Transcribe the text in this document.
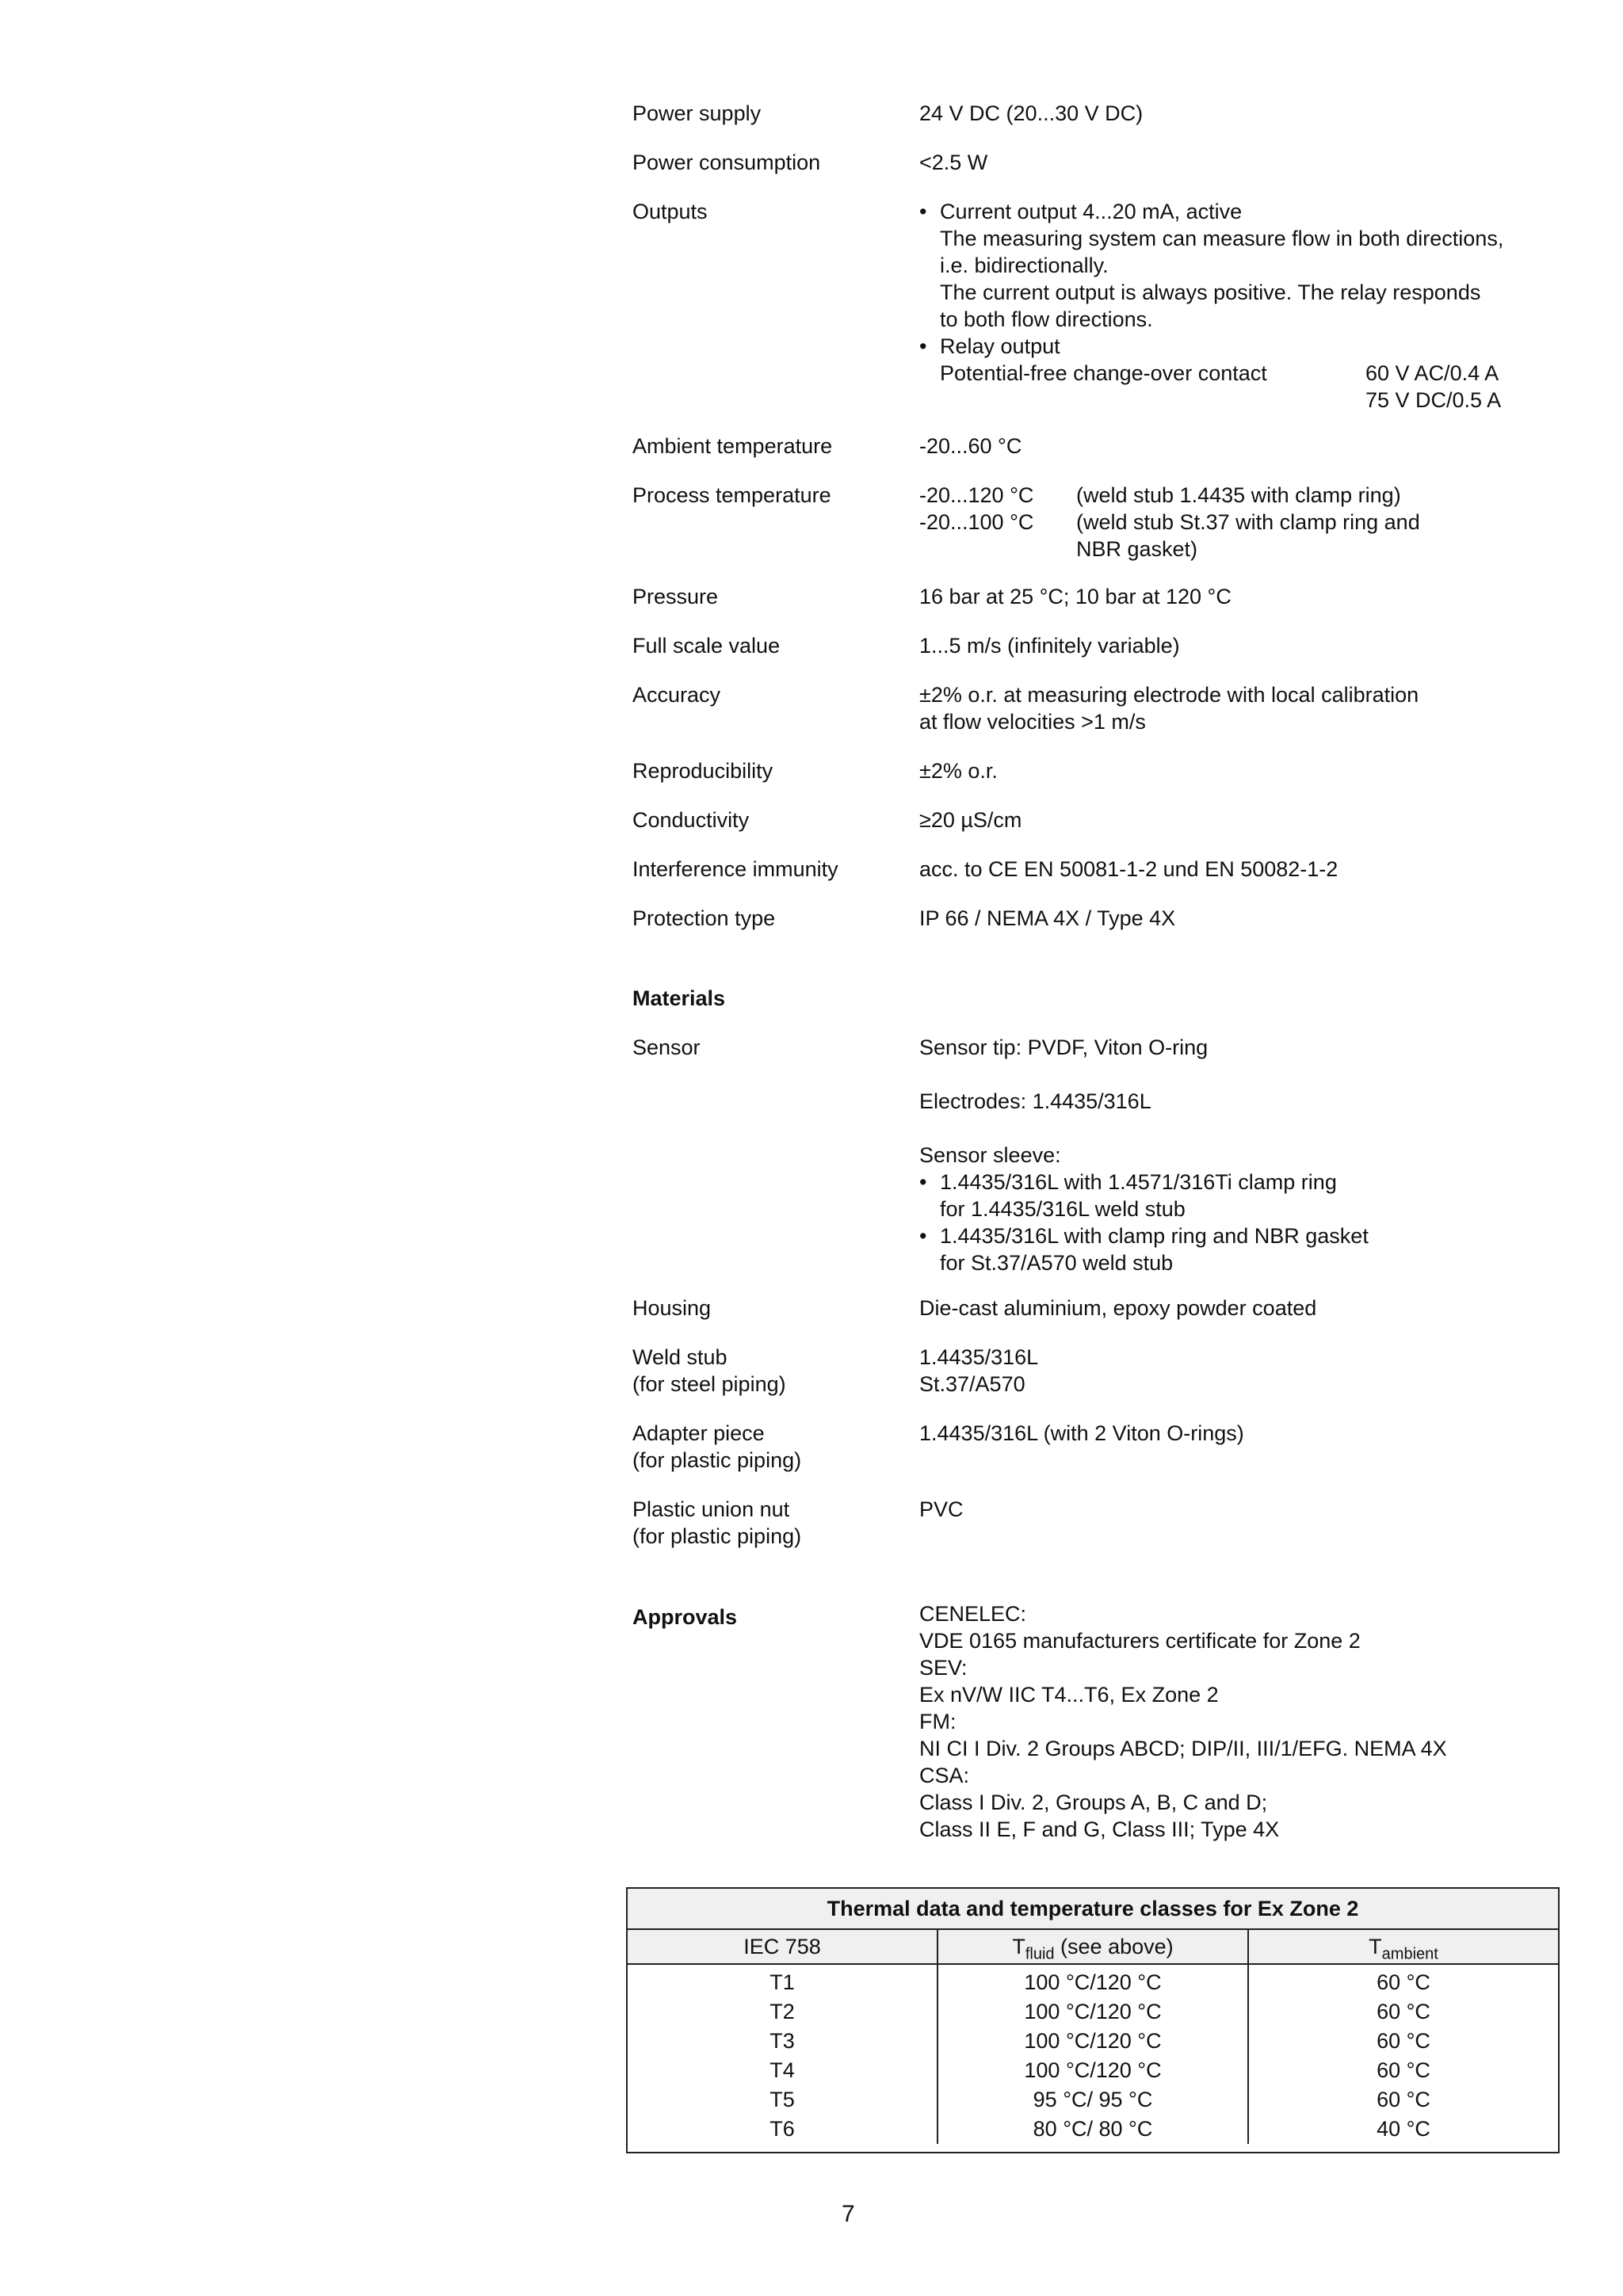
Power supply	24 V DC (20...30 V DC)
Power consumption	<2.5 W
Outputs
•	Current output 4...20 mA, active
The measuring system can measure flow in both directions,
i.e. bidirectionally.
The current output is always positive. The relay responds
to both flow directions.
• Relay output
Potential-free change-over contact	60 V AC/0.4 A

75 V DC/0.5 A
Ambient temperature	-20...60 °C
Process temperature	-20...120 °C (weld stub 1.4435 with clamp ring)
-20...100 °C (weld stub St.37 with clamp ring and
NBR gasket)
Pressure	16 bar at 25 °C; 10 bar at 120 °C
Full scale value	1...5 m/s (infinitely variable)
Accuracy	±2% o.r. at measuring electrode with local calibration
at flow velocities >1 m/s
Reproducibility	±2% o.r.
Conductivity	≥20 µS/cm
Interference immunity	acc. to CE EN 50081-1-2 und EN 50082-1-2
Protection type	IP 66 / NEMA 4X / Type 4X
Materials
Sensor	Sensor tip: PVDF, Viton O-ring
Electrodes: 1.4435/316L
Sensor sleeve:
• 1.4435/316L with 1.4571/316Ti clamp ring
for 1.4435/316L weld stub
• 1.4435/316L with clamp ring and NBR gasket
for St.37/A570 weld stub
Housing	Die-cast aluminium, epoxy powder coated
Weld stub
(for steel piping)
1.4435/316L
St.37/A570
Adapter piece
(for plastic piping)
1.4435/316L (with 2 Viton O-rings)
Plastic union nut
(for plastic piping)
PVC
Approvals	CENELEC:
VDE 0165 manufacturers certificate for Zone 2
SEV:Ex nV/W IIC T4...T6, Ex Zone 2
FM:NI CI I Div. 2 Groups ABCD; DIP/II, III/1/EFG. NEMA 4X
CSA:Class I Div. 2, Groups A, B, C and D;
Class II E, F and G, Class III; Type 4X
Thermal data and temperature classes for Ex Zone 2
IEC 758	$T_{fluid}$ (see above)	$T_{ambient}$
T1
T2
T3
T4
T5
T6
100 °C/120 °C
100 °C/120 °C
100 °C/120 °C
100 °C/120 °C
95 °C/ 95 °C
80 °C/ 80 °C
60 °C
60 °C
60 °C
60 °C
60 °C
40 °C
7
